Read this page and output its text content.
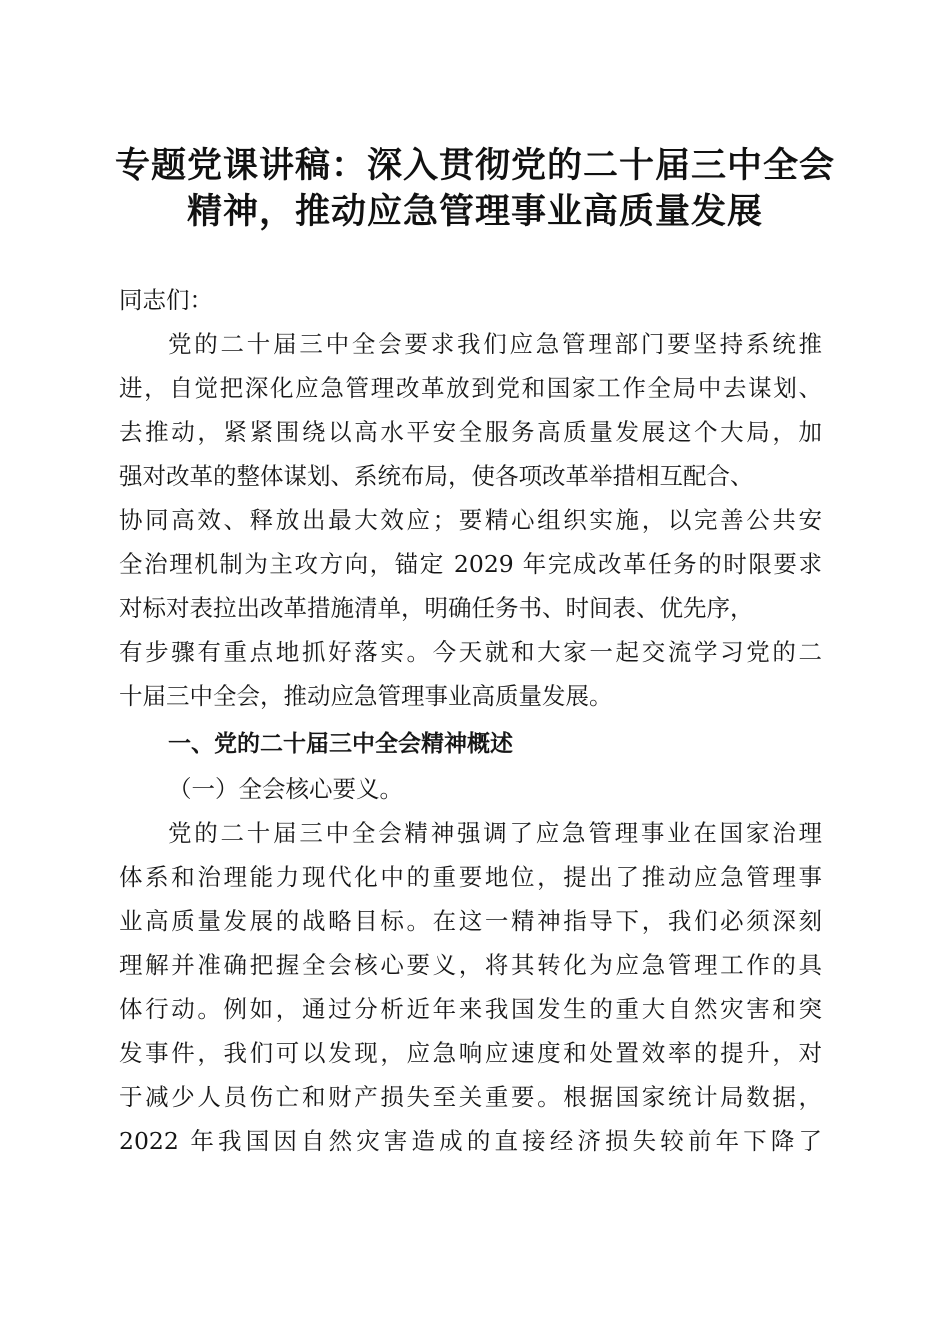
专题党课讲稿：深入贯彻党的二十届三中全会
精神，推动应急管理事业高质量发展
同志们：
党的二十届三中全会要求我们应急管理部门要坚持系统推
进，自觉把深化应急管理改革放到党和国家工作全局中去谋划、
去推动，紧紧围绕以高水平安全服务高质量发展这个大局，加
强对改革的整体谋划、系统布局，使各项改革举措相互配合、
协同高效、释放出最大效应；要精心组织实施，以完善公共安
全治理机制为主攻方向，锚定 2029 年完成改革任务的时限要求
对标对表拉出改革措施清单，明确任务书、时间表、优先序，
有步骤有重点地抓好落实。今天就和大家一起交流学习党的二
十届三中全会，推动应急管理事业高质量发展。
一、党的二十届三中全会精神概述
（一）全会核心要义。
党的二十届三中全会精神强调了应急管理事业在国家治理
体系和治理能力现代化中的重要地位，提出了推动应急管理事
业高质量发展的战略目标。在这一精神指导下，我们必须深刻
理解并准确把握全会核心要义，将其转化为应急管理工作的具
体行动。例如，通过分析近年来我国发生的重大自然灾害和突
发事件，我们可以发现，应急响应速度和处置效率的提升，对
于减少人员伤亡和财产损失至关重要。根据国家统计局数据，
2022 年我国因自然灾害造成的直接经济损失较前年下降了
